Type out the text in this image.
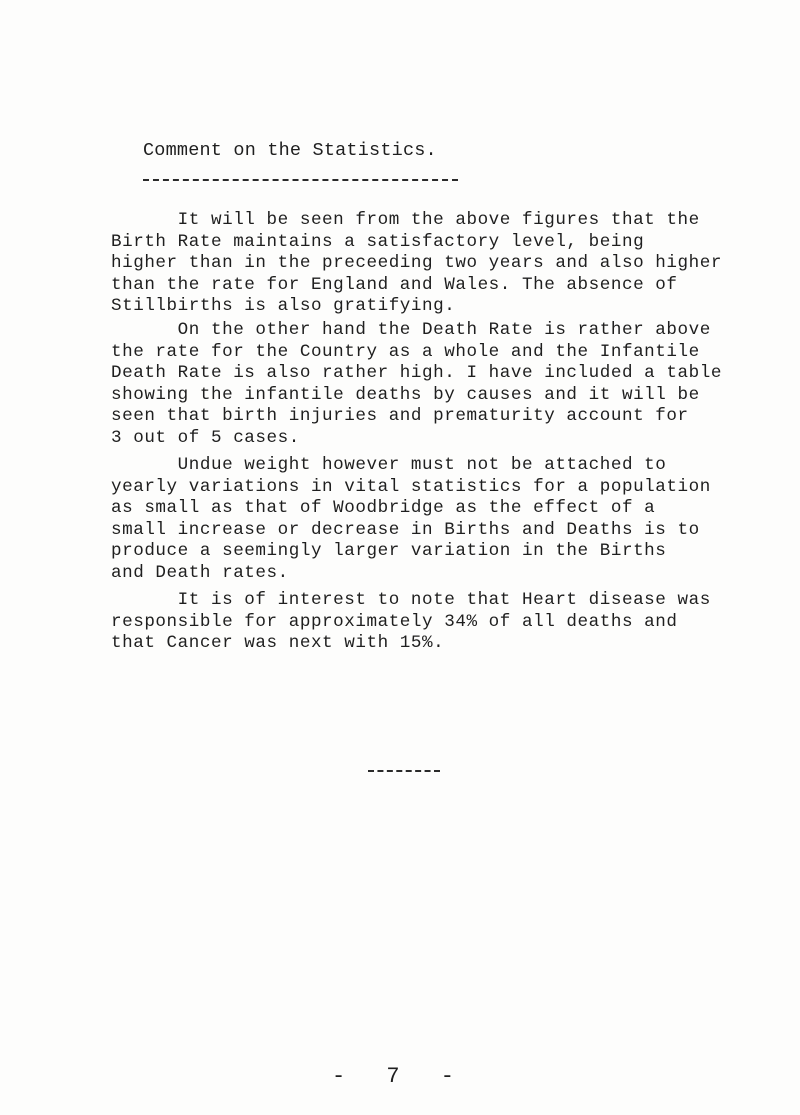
Comment on the Statistics.
It will be seen from the above figures that the
Birth Rate maintains a satisfactory level, being
higher than in the preceeding two years and also higher
than the rate for England and Wales. The absence of
Stillbirths is also gratifying.
On the other hand the Death Rate is rather above
the rate for the Country as a whole and the Infantile
Death Rate is also rather high. I have included a table
showing the infantile deaths by causes and it will be
seen that birth injuries and prematurity account for
3 out of 5 cases.
Undue weight however must not be attached to
yearly variations in vital statistics for a population
as small as that of Woodbridge as the effect of a
small increase or decrease in Births and Deaths is to
produce a seemingly larger variation in the Births
and Death rates.
It is of interest to note that Heart disease was
responsible for approximately 34% of all deaths and
that Cancer was next with 15%.
- 7 -
